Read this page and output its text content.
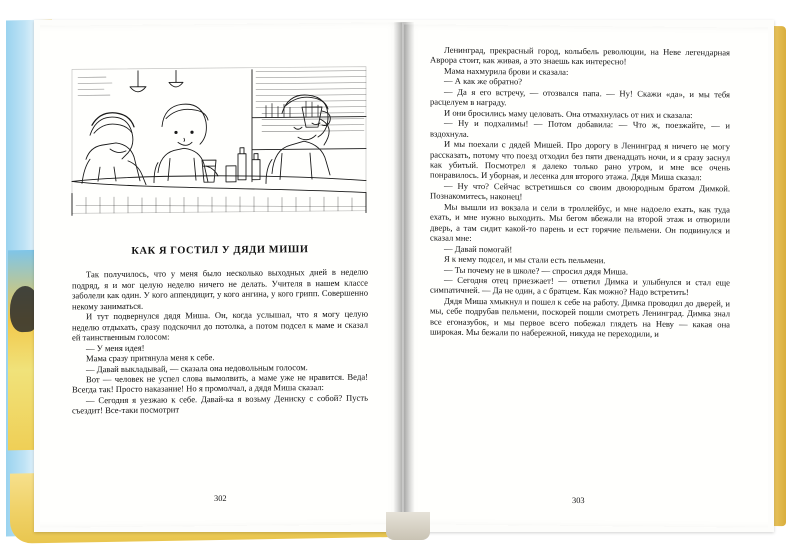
КАК Я ГОСТИЛ У ДЯДИ МИШИ

Так получилось, что у меня было несколько выходных дней в неделю подряд, я и мог целую неделю ничего не делать. Учителя в нашем классе заболели как один. У кого аппендицит, у кого ангина, у кого грипп. Совершенно некому заниматься.

И тут подвернулся дядя Миша. Он, когда услышал, что я могу целую неделю отдыхать, сразу подскочил до потолка, а потом подсел к маме и сказал ей таинственным голосом:

— У меня идея!

Мама сразу притянула меня к себе.

— Давай выкладывай, — сказала она недовольным голосом.

Вот — человек не успел слова вымолвить, а маме уже не нравится. Beда! Всегда так! Просто наказание! Но я промолчал, а дядя Миша сказал:

— Сегодня я уезжаю к себе. Давай-ка я возьму Дениску с собой? Пусть съездит! Все-таки посмотрит

302

Ленинград, прекрасный город, колыбель революции, на Неве легендарная Аврора стоит, как живая, а это знаешь как интересно!

Мама нахмурила брови и сказала:

— А как же обратно?

— Да я его встречу, — отозвался папа. — Ну! Скажи «да», и мы тебя расцелуем в награду.

И они бросились маму целовать. Она отмахнулась от них и сказала:

— Ну и подхалимы! — Потом добавила: — Что ж, поезжайте, — и вздохнула.

И мы поехали с дядей Мишей. Про дорогу в Ленинград я ничего не могу рассказать, потому что поезд отходил без пяти двенадцать ночи, и я сразу заснул как убитый. Посмотрел я далеко только рано утром, и мне все очень понравилось. И уборная, и лесенка для второго этажа. Дядя Миша сказал:

— Ну что? Сейчас встретишься со своим двоюродным братом Димкой. Познакомитесь, наконец!

Мы вышли из вокзала и сели в троллейбус, и мне надоело ехать, как туда ехать, и мне нужно выходить. Мы бегом вбежали на второй этаж и отворили дверь, а там сидит какой-то парень и ест горячие пельмени. Он подвинулся и сказал мне:

— Давай помогай!

Я к нему подсел, и мы стали есть пельмени.

— Ты почему не в школе? — спросил дядя Миша.

— Сегодня отец приезжает! — ответил Димка и улыбнулся и стал еще симпатичней. — Да не один, а с братцем. Как можно? Надо встретить!

Дядя Миша хмыкнул и пошел к себе на работу. Димка проводил до дверей, и мы, себе подрубав пельмени, поскорей пошли смотреть Ленинград. Димка знал все егоназубок, и мы первое всего побежал глядеть на Неву — какая она широкая. Мы бежали по набережной, никуда не переходили, и

303
